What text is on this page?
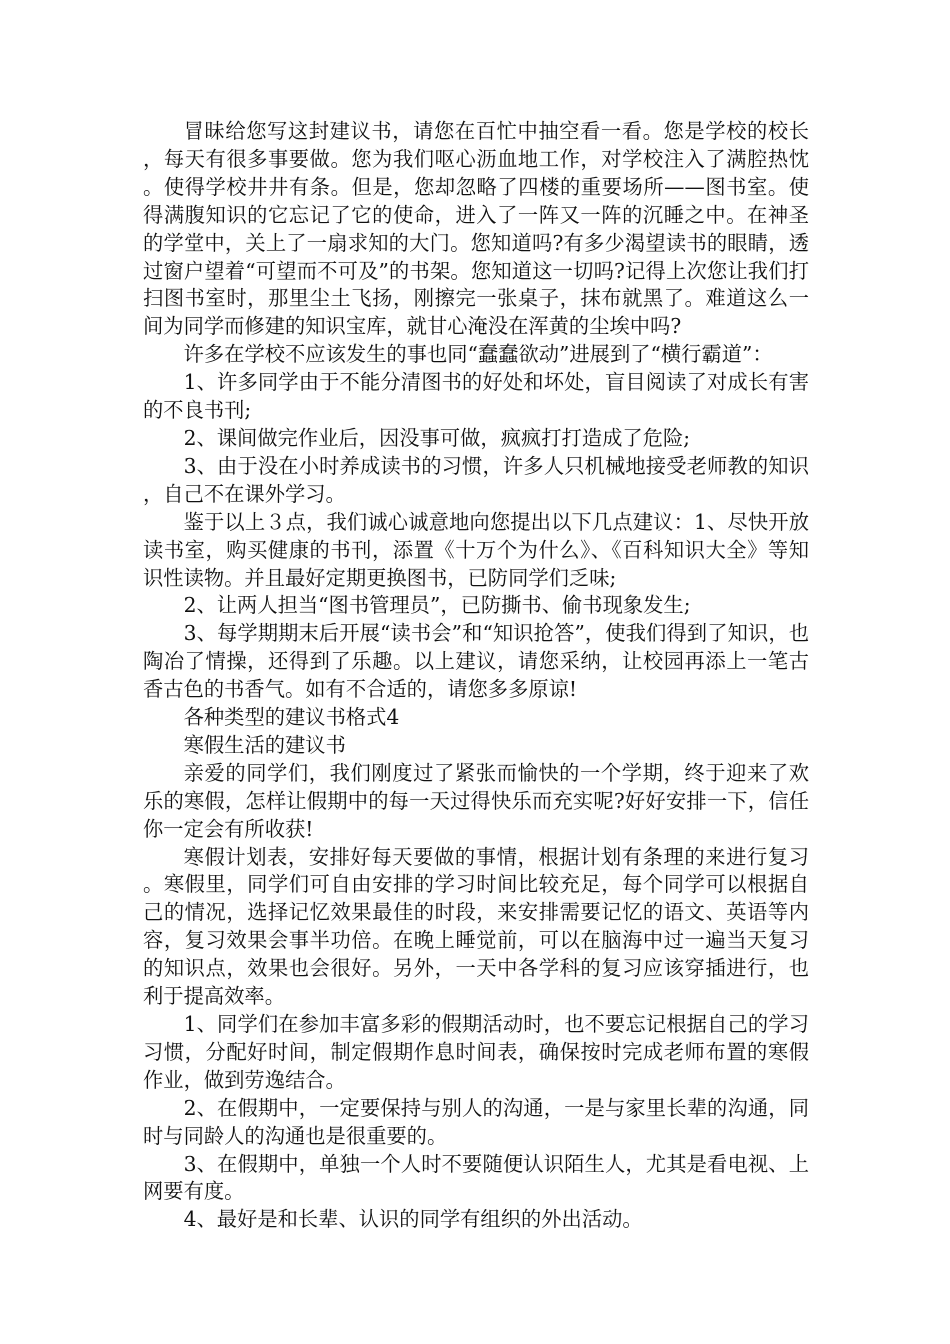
冒昧给您写这封建议书，请您在百忙中抽空看一看。您是学校的校长，每天有很多事要做。您为我们呕心沥血地工作，对学校注入了满腔热忱。使得学校井井有条。但是，您却忽略了四楼的重要场所——图书室。使得满腹知识的它忘记了它的使命，进入了一阵又一阵的沉睡之中。在神圣的学堂中，关上了一扇求知的大门。您知道吗?有多少渴望读书的眼睛，透过窗户望着“可望而不可及”的书架。您知道这一切吗?记得上次您让我们打扫图书室时，那里尘土飞扬，刚擦完一张桌子，抹布就黑了。难道这么一间为同学而修建的知识宝库，就甘心淹没在浑黄的尘埃中吗?

许多在学校不应该发生的事也同“蠢蠢欲动”进展到了“横行霸道”：

1、许多同学由于不能分清图书的好处和坏处，盲目阅读了对成长有害的不良书刊;

2、课间做完作业后，因没事可做，疯疯打打造成了危险;

3、由于没在小时养成读书的习惯，许多人只机械地接受老师教的知识，自己不在课外学习。

鉴于以上３点，我们诚心诚意地向您提出以下几点建议：1、尽快开放读书室，购买健康的书刊，添置《十万个为什么》、《百科知识大全》等知识性读物。并且最好定期更换图书，已防同学们乏味;

2、让两人担当“图书管理员”，已防撕书、偷书现象发生;

3、每学期期末后开展“读书会”和“知识抢答”，使我们得到了知识，也陶冶了情操，还得到了乐趣。以上建议，请您采纳，让校园再添上一笔古香古色的书香气。如有不合适的，请您多多原谅!

各种类型的建议书格式4

寒假生活的建议书

亲爱的同学们，我们刚度过了紧张而愉快的一个学期，终于迎来了欢乐的寒假，怎样让假期中的每一天过得快乐而充实呢?好好安排一下，信任你一定会有所收获!

寒假计划表，安排好每天要做的事情，根据计划有条理的来进行复习。寒假里，同学们可自由安排的学习时间比较充足，每个同学可以根据自己的情况，选择记忆效果最佳的时段，来安排需要记忆的语文、英语等内容，复习效果会事半功倍。在晚上睡觉前，可以在脑海中过一遍当天复习的知识点，效果也会很好。另外，一天中各学科的复习应该穿插进行，也利于提高效率。

1、同学们在参加丰富多彩的假期活动时，也不要忘记根据自己的学习习惯，分配好时间，制定假期作息时间表，确保按时完成老师布置的寒假作业，做到劳逸结合。

2、在假期中，一定要保持与别人的沟通，一是与家里长辈的沟通，同时与同龄人的沟通也是很重要的。

3、在假期中，单独一个人时不要随便认识陌生人，尤其是看电视、上网要有度。

4、最好是和长辈、认识的同学有组织的外出活动。
